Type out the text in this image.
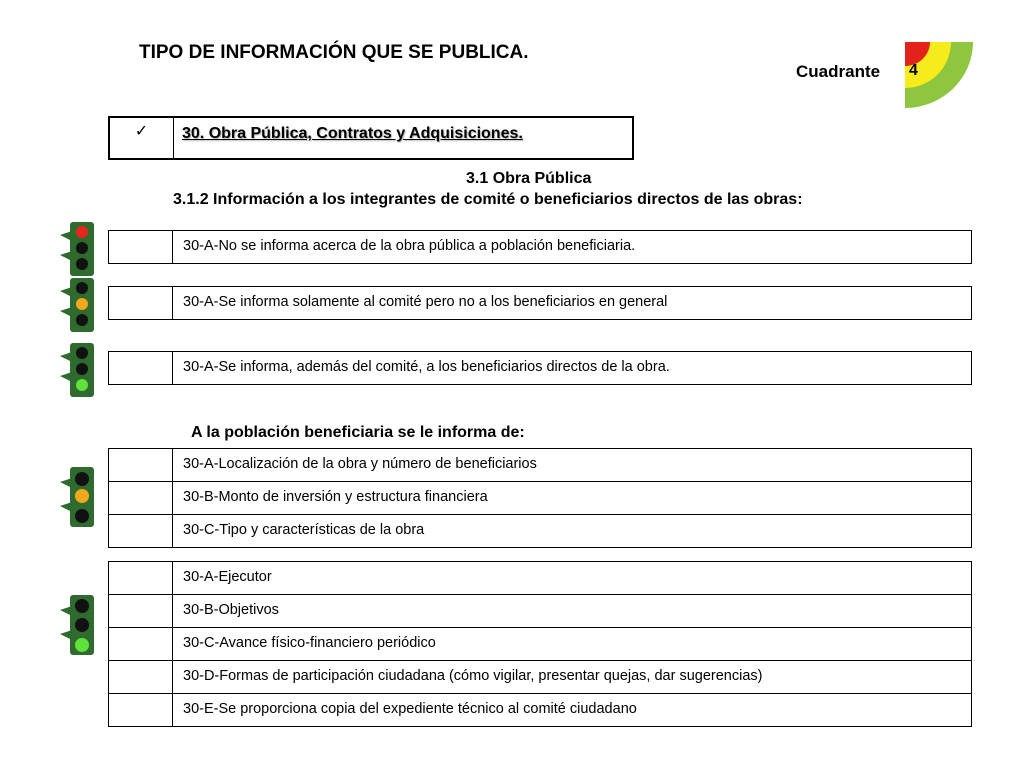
TIPO DE INFORMACIÓN QUE SE PUBLICA.
Cuadrante 4
✓	30. Obra Pública, Contratos y Adquisiciones.
3.1 Obra Pública
3.1.2 Información a los integrantes de comité o beneficiarios directos de las obras:
30-A-No se informa acerca de la obra pública a población beneficiaria.
30-A-Se informa solamente al comité pero no a los beneficiarios en general
30-A-Se informa, además del comité, a los beneficiarios directos de la obra.
A la población beneficiaria se le informa de:
30-A-Localización de la obra y número de beneficiarios
30-B-Monto de inversión y estructura financiera
30-C-Tipo y características de la obra
30-A-Ejecutor
30-B-Objetivos
30-C-Avance físico-financiero periódico
30-D-Formas de participación ciudadana (cómo vigilar, presentar quejas, dar sugerencias)
30-E-Se proporciona copia del expediente técnico al comité ciudadano
